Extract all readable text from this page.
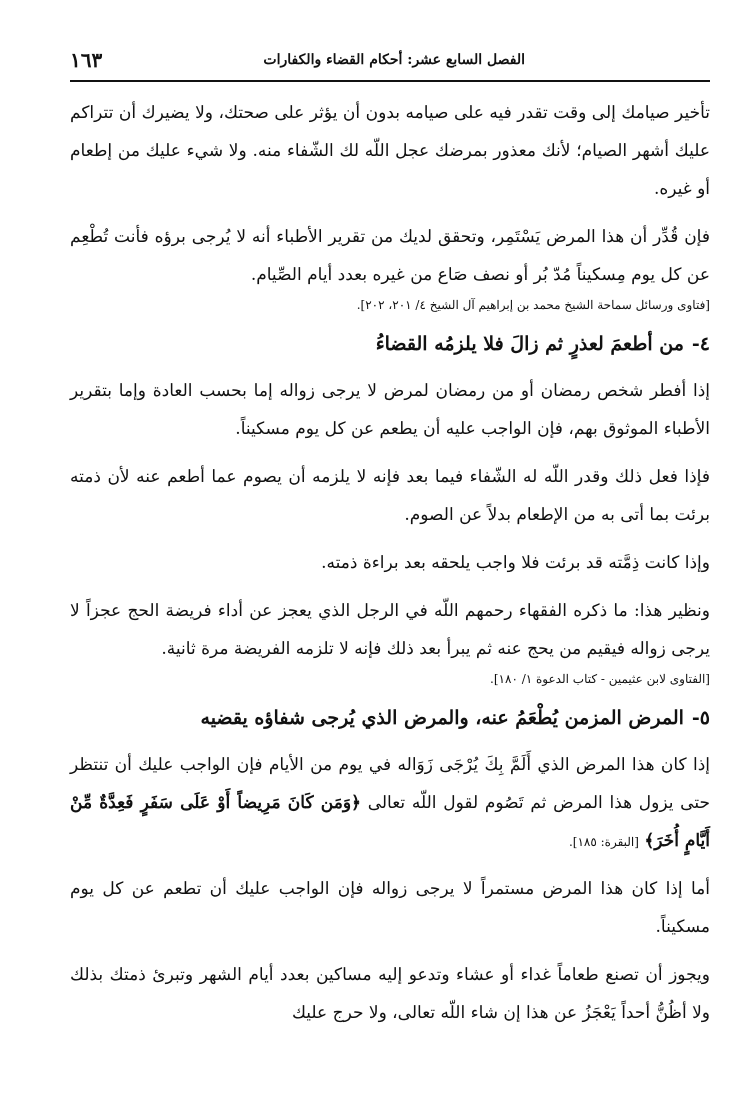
الفصل السابع عشر: أحكام القضاء والكفارات
١٦٣

تأخير صيامك إلى وقت تقدر فيه على صيامه بدون أن يؤثر على صحتك، ولا يضيرك أن تتراكم عليك أشهر الصيام؛ لأنك معذور بمرضك عجل اللّه لك الشّفاء منه. ولا شيء عليك من إطعام أو غيره.

فإن قُدِّر أن هذا المرض يَسْتَمِر، وتحقق لديك من تقرير الأطباء أنه لا يُرجى برؤه فأنت تُطْعِم عن كل يوم مِسكيناً مُدّ بُر أو نصف صَاع من غيره بعدد أيام الصِّيام.

[فتاوى ورسائل سماحة الشيخ محمد بن إبراهيم آل الشيخ ٤/ ٢٠١، ٢٠٢].
٤-من أطعمَ لعذرٍ ثم زالَ فلا يلزمُه القضاءُ

إذا أفطر شخص رمضان أو من رمضان لمرض لا يرجى زواله إما بحسب العادة وإما بتقرير الأطباء الموثوق بهم، فإن الواجب عليه أن يطعم عن كل يوم مسكيناً.

فإذا فعل ذلك وقدر اللّه له الشّفاء فيما بعد فإنه لا يلزمه أن يصوم عما أطعم عنه لأن ذمته برئت بما أتى به من الإطعام بدلاً عن الصوم.

وإذا كانت ذِمَّته قد برئت فلا واجب يلحقه بعد براءة ذمته.

ونظير هذا: ما ذكره الفقهاء رحمهم اللّه في الرجل الذي يعجز عن أداء فريضة الحج عجزاً لا يرجى زواله فيقيم من يحج عنه ثم يبرأ بعد ذلك فإنه لا تلزمه الفريضة مرة ثانية.

[الفتاوى لابن عثيمين - كتاب الدعوة ١/ ١٨٠].
٥-المرض المزمن يُطْعَمُ عنه، والمرض الذي يُرجى شفاؤه يقضيه

إذا كان هذا المرض الذي أَلَمَّ بِكَ يُرْجَى زَوَاله في يوم من الأيام فإن الواجب عليك أن تنتظر حتى يزول هذا المرض ثم تَصُوم لقول اللّه تعالى ﴿وَمَن كَانَ مَرِيضاً أَوْ عَلَى سَفَرٍ فَعِدَّةٌ مِّنْ أَيَّامٍ أُخَرَ﴾ [البقرة: ١٨٥].

أما إذا كان هذا المرض مستمراً لا يرجى زواله فإن الواجب عليك أن تطعم عن كل يوم مسكيناً.

ويجوز أن تصنع طعاماً غداء أو عشاء وتدعو إليه مساكين بعدد أيام الشهر وتبرئ ذمتك بذلك ولا أظُنُّ أحداً يَعْجَزُ عن هذا إن شاء اللّه تعالى، ولا حرج عليك
